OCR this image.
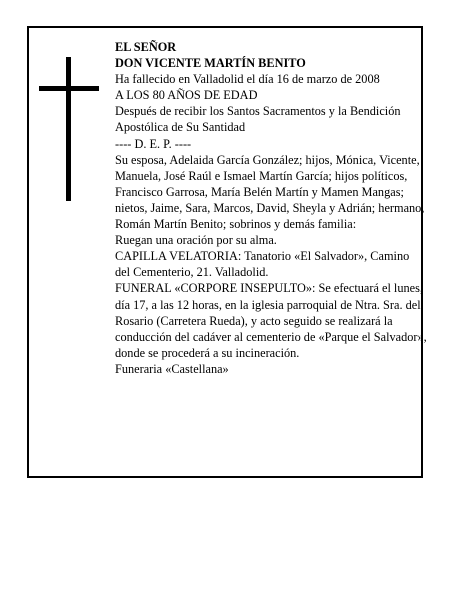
EL SEÑOR

DON VICENTE MARTÍN BENITO

Ha fallecido en Valladolid el día 16 de marzo de 2008

A LOS 80 AÑOS DE EDAD

Después de recibir los Santos Sacramentos y la Bendición Apostólica de Su Santidad

---- D. E. P. ----

Su esposa, Adelaida García González; hijos, Mónica, Vicente, Manuela, José Raúl e Ismael Martín García; hijos políticos, Francisco Garrosa, María Belén Martín y Mamen Mangas; nietos, Jaime, Sara, Marcos, David, Sheyla y Adrián; hermano, Román Martín Benito; sobrinos y demás familia:

Ruegan una oración por su alma.

CAPILLA VELATORIA: Tanatorio «El Salvador», Camino del Cementerio, 21. Valladolid.

FUNERAL «CORPORE INSEPULTO»: Se efectuará el lunes, día 17, a las 12 horas, en la iglesia parroquial de Ntra. Sra. del Rosario (Carretera Rueda), y acto seguido se realizará la conducción del cadáver al cementerio de «Parque el Salvador», donde se procederá a su incineración.

Funeraria «Castellana»
